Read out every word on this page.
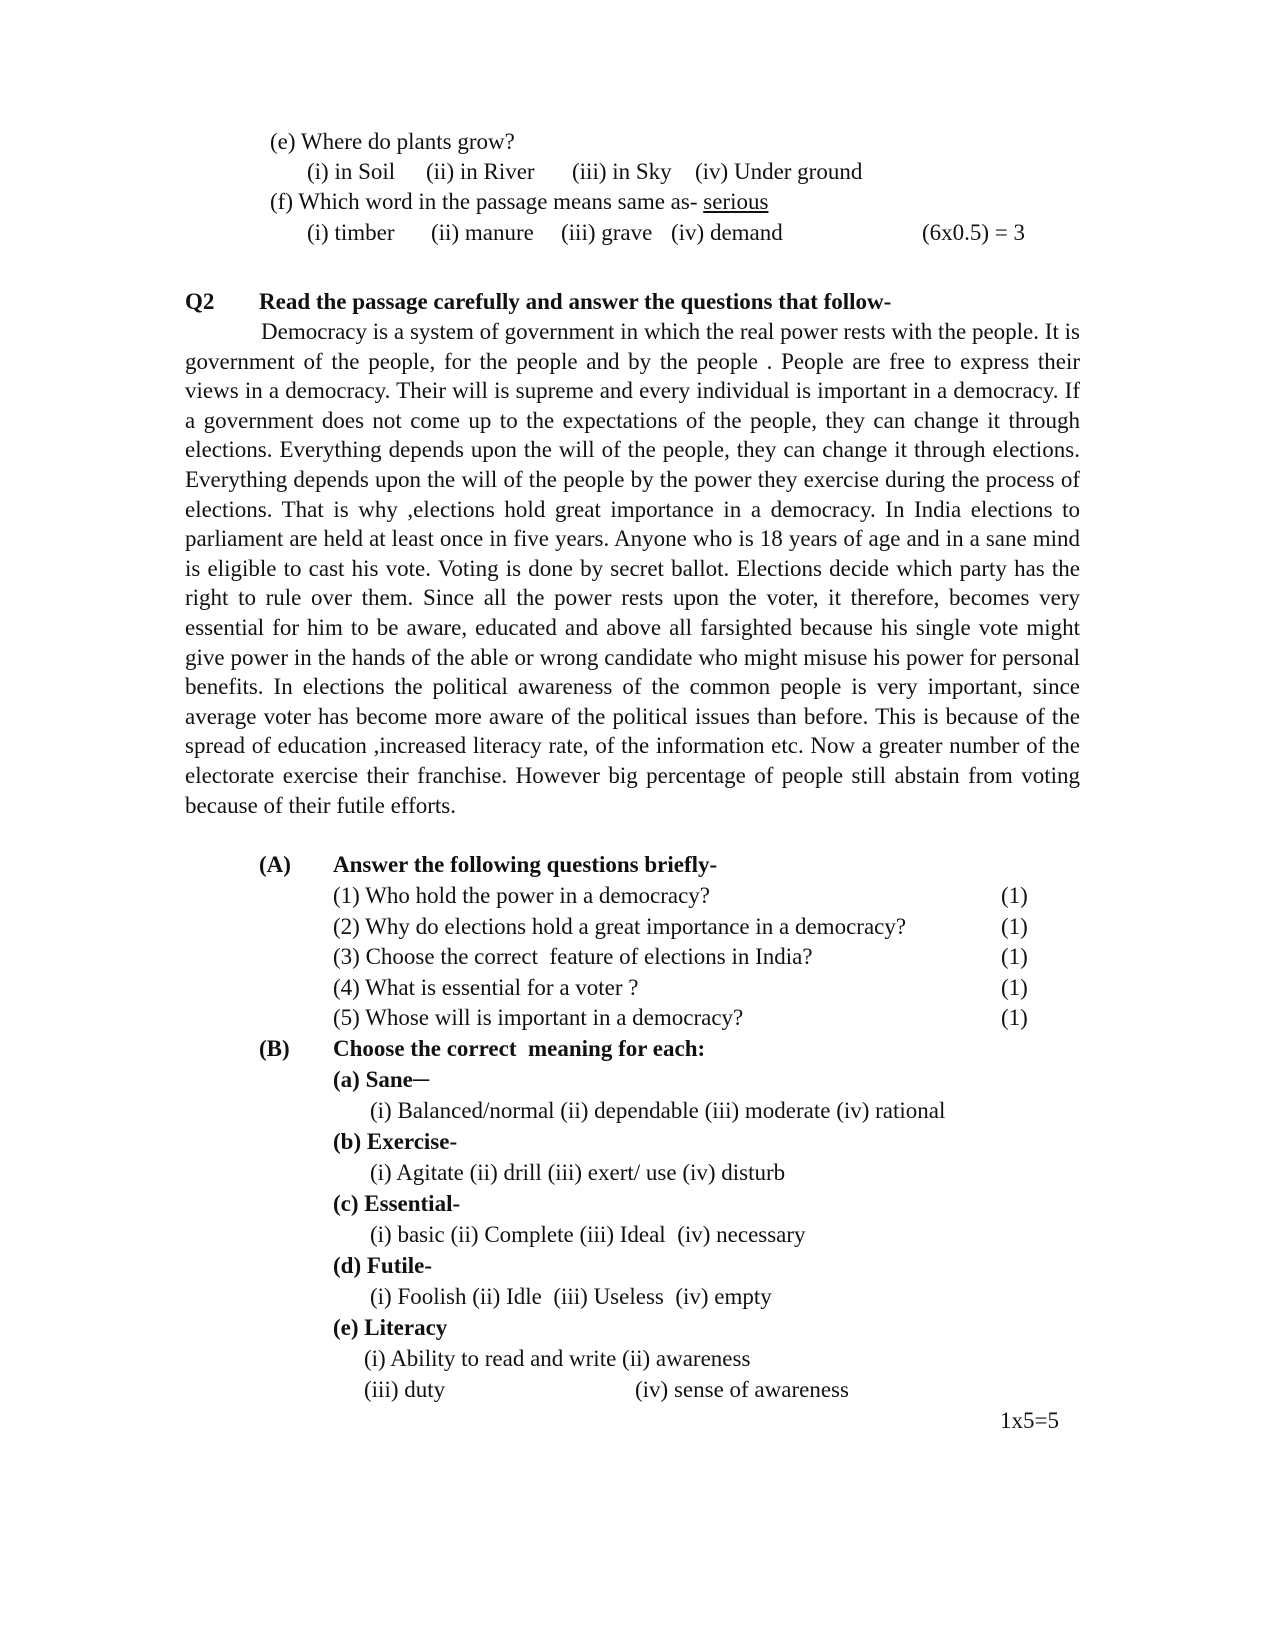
(e) Where do plants grow?
(i) in Soil (ii) in River (iii) in Sky (iv) Under ground
(f) Which word in the passage means same as- serious
(i) timber (ii) manure (iii) grave (iv) demand	(6x0.5) = 3
Q2 Read the passage carefully and answer the questions that follow-
Democracy is a system of government in which the real power rests with the people. It is government of the people, for the people and by the people . People are free to express their views in a democracy. Their will is supreme and every individual is important in a democracy. If a government does not come up to the expectations of the people, they can change it through elections. Everything depends upon the will of the people, they can change it through elections. Everything depends upon the will of the people by the power they exercise during the process of elections. That is why ,elections hold great importance in a democracy. In India elections to parliament are held at least once in five years. Anyone who is 18 years of age and in a sane mind is eligible to cast his vote. Voting is done by secret ballot. Elections decide which party has the right to rule over them. Since all the power rests upon the voter, it therefore, becomes very essential for him to be aware, educated and above all farsighted because his single vote might give power in the hands of the able or wrong candidate who might misuse his power for personal benefits. In elections the political awareness of the common people is very important, since average voter has become more aware of the political issues than before. This is because of the spread of education ,increased literacy rate, of the information etc. Now a greater number of the electorate exercise their franchise. However big percentage of people still abstain from voting because of their futile efforts.
(A) Answer the following questions briefly-
(1) Who hold the power in a democracy?	(1)
(2) Why do elections hold a great importance in a democracy?	(1)
(3) Choose the correct  feature of elections in India?	(1)
(4) What is essential for a voter ?	(1)
(5) Whose will is important in a democracy?	(1)
(B) Choose the correct  meaning for each:
(a) Sane─
(i) Balanced/normal (ii) dependable (iii) moderate (iv) rational
(b) Exercise-
(i) Agitate (ii) drill (iii) exert/ use (iv) disturb
(c) Essential-
(i) basic (ii) Complete (iii) Ideal  (iv) necessary
(d) Futile-
(i) Foolish (ii) Idle  (iii) Useless  (iv) empty
(e) Literacy
(i) Ability to read and write (ii) awareness
(iii) duty	(iv) sense of awareness
1x5=5
